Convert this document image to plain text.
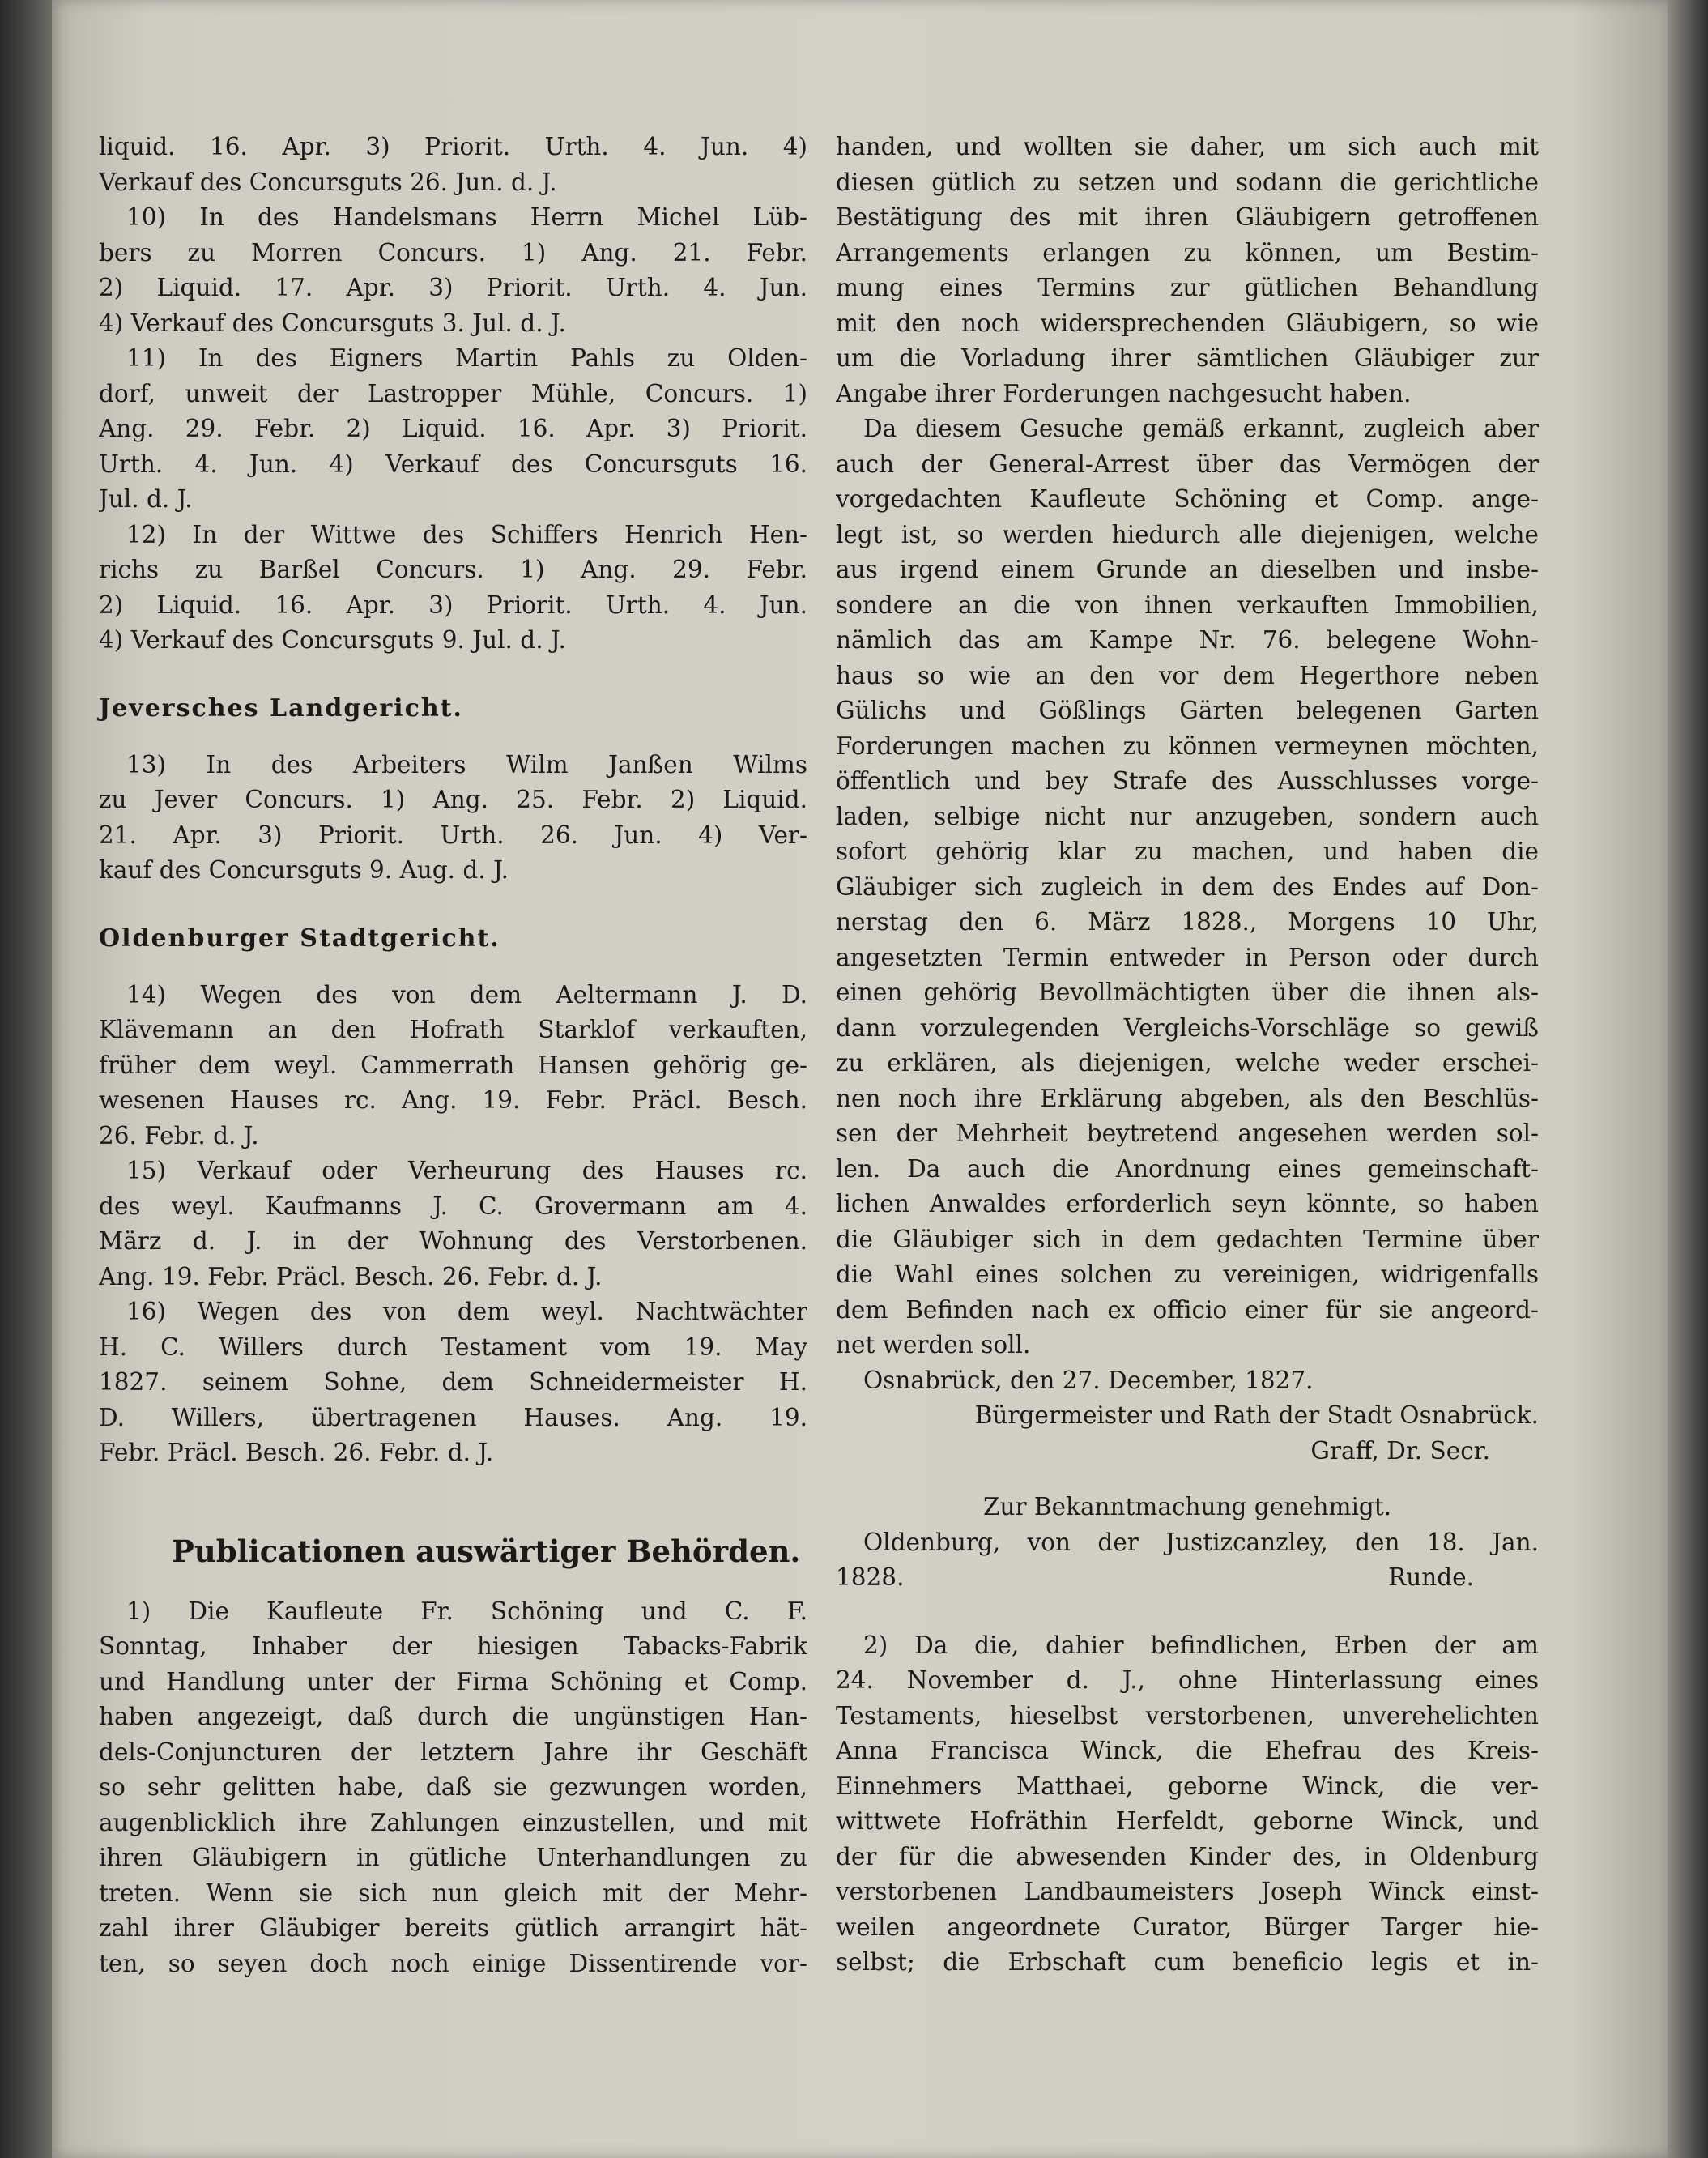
liquid. 16. Apr. 3) Priorit. Urth. 4. Jun. 4)
Verkauf des Concursguts 26. Jun. d. J.
10) In des Handelsmans Herrn Michel Lüb-
bers zu Morren Concurs. 1) Ang. 21. Febr.
2) Liquid. 17. Apr. 3) Priorit. Urth. 4. Jun.
4) Verkauf des Concursguts 3. Jul. d. J.
11) In des Eigners Martin Pahls zu Olden-
dorf, unweit der Lastropper Mühle, Concurs. 1)
Ang. 29. Febr. 2) Liquid. 16. Apr. 3) Priorit.
Urth. 4. Jun. 4) Verkauf des Concursguts 16.
Jul. d. J.
12) In der Wittwe des Schiffers Henrich Hen-
richs zu Barßel Concurs. 1) Ang. 29. Febr.
2) Liquid. 16. Apr. 3) Priorit. Urth. 4. Jun.
4) Verkauf des Concursguts 9. Jul. d. J.
Jeversches Landgericht.
13) In des Arbeiters Wilm Janßen Wilms
zu Jever Concurs. 1) Ang. 25. Febr. 2) Liquid.
21. Apr. 3) Priorit. Urth. 26. Jun. 4) Ver-
kauf des Concursguts 9. Aug. d. J.
Oldenburger Stadtgericht.
14) Wegen des von dem Aeltermann J. D.
Klävemann an den Hofrath Starklof verkauften,
früher dem weyl. Cammerrath Hansen gehörig ge-
wesenen Hauses rc. Ang. 19. Febr. Präcl. Besch.
26. Febr. d. J.
15) Verkauf oder Verheurung des Hauses rc.
des weyl. Kaufmanns J. C. Grovermann am 4.
März d. J. in der Wohnung des Verstorbenen.
Ang. 19. Febr. Präcl. Besch. 26. Febr. d. J.
16) Wegen des von dem weyl. Nachtwächter
H. C. Willers durch Testament vom 19. May
1827. seinem Sohne, dem Schneidermeister H.
D. Willers, übertragenen Hauses. Ang. 19.
Febr. Präcl. Besch. 26. Febr. d. J.
Publicationen auswärtiger Behörden.
1) Die Kaufleute Fr. Schöning und C. F.
Sonntag, Inhaber der hiesigen Tabacks-Fabrik
und Handlung unter der Firma Schöning et Comp.
haben angezeigt, daß durch die ungünstigen Han-
dels-Conjuncturen der letztern Jahre ihr Geschäft
so sehr gelitten habe, daß sie gezwungen worden,
augenblicklich ihre Zahlungen einzustellen, und mit
ihren Gläubigern in gütliche Unterhandlungen zu
treten. Wenn sie sich nun gleich mit der Mehr-
zahl ihrer Gläubiger bereits gütlich arrangirt hät-
ten, so seyen doch noch einige Dissentirende vor-
handen, und wollten sie daher, um sich auch mit
diesen gütlich zu setzen und sodann die gerichtliche
Bestätigung des mit ihren Gläubigern getroffenen
Arrangements erlangen zu können, um Bestim-
mung eines Termins zur gütlichen Behandlung
mit den noch widersprechenden Gläubigern, so wie
um die Vorladung ihrer sämtlichen Gläubiger zur
Angabe ihrer Forderungen nachgesucht haben.
Da diesem Gesuche gemäß erkannt, zugleich aber
auch der General-Arrest über das Vermögen der
vorgedachten Kaufleute Schöning et Comp. ange-
legt ist, so werden hiedurch alle diejenigen, welche
aus irgend einem Grunde an dieselben und insbe-
sondere an die von ihnen verkauften Immobilien,
nämlich das am Kampe Nr. 76. belegene Wohn-
haus so wie an den vor dem Hegerthore neben
Gülichs und Gößlings Gärten belegenen Garten
Forderungen machen zu können vermeynen möchten,
öffentlich und bey Strafe des Ausschlusses vorge-
laden, selbige nicht nur anzugeben, sondern auch
sofort gehörig klar zu machen, und haben die
Gläubiger sich zugleich in dem des Endes auf Don-
nerstag den 6. März 1828., Morgens 10 Uhr,
angesetzten Termin entweder in Person oder durch
einen gehörig Bevollmächtigten über die ihnen als-
dann vorzulegenden Vergleichs-Vorschläge so gewiß
zu erklären, als diejenigen, welche weder erschei-
nen noch ihre Erklärung abgeben, als den Beschlüs-
sen der Mehrheit beytretend angesehen werden sol-
len. Da auch die Anordnung eines gemeinschaft-
lichen Anwaldes erforderlich seyn könnte, so haben
die Gläubiger sich in dem gedachten Termine über
die Wahl eines solchen zu vereinigen, widrigenfalls
dem Befinden nach ex officio einer für sie angeord-
net werden soll.
Osnabrück, den 27. December, 1827.
Bürgermeister und Rath der Stadt Osnabrück.
Graff, Dr. Secr.
Zur Bekanntmachung genehmigt.
Oldenburg, von der Justizcanzley, den 18. Jan.
1828.	Runde.
2) Da die, dahier befindlichen, Erben der am
24. November d. J., ohne Hinterlassung eines
Testaments, hieselbst verstorbenen, unverehelichten
Anna Francisca Winck, die Ehefrau des Kreis-
Einnehmers Matthaei, geborne Winck, die ver-
wittwete Hofräthin Herfeldt, geborne Winck, und
der für die abwesenden Kinder des, in Oldenburg
verstorbenen Landbaumeisters Joseph Winck einst-
weilen angeordnete Curator, Bürger Targer hie-
selbst; die Erbschaft cum beneficio legis et in-
